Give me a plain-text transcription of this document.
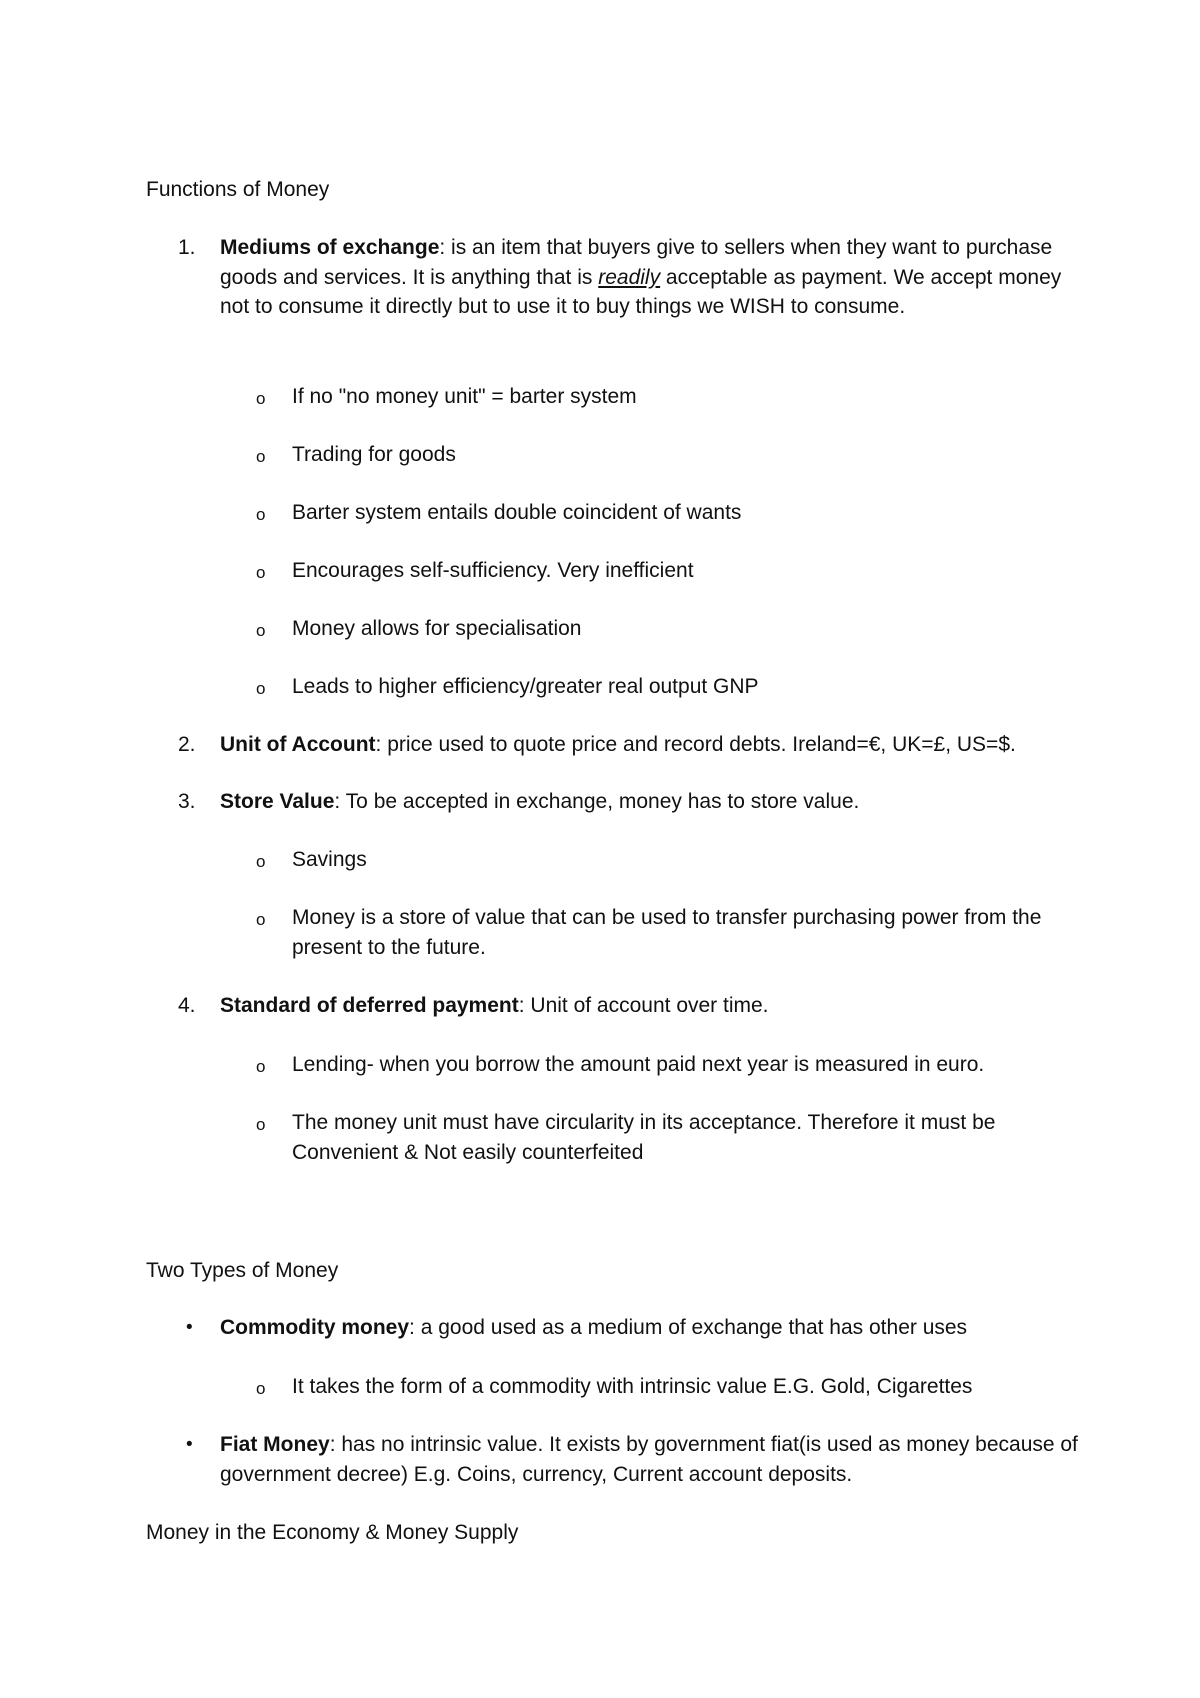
Functions of Money
1.	Mediums of exchange: is an item that buyers give to sellers when they want to purchase goods and services. It is anything that is readily acceptable as payment. We accept money not to consume it directly but to use it to buy things we WISH to consume.
o If no "no money unit" = barter system
o Trading for goods
o Barter system entails double coincident of wants
o Encourages self-sufficiency. Very inefficient
o Money allows for specialisation
o Leads to higher efficiency/greater real output GNP
2.	Unit of Account: price used to quote price and record debts. Ireland=€, UK=£, US=$.
3.	Store Value: To be accepted in exchange, money has to store value.
o Savings
o Money is a store of value that can be used to transfer purchasing power from the present to the future.
4.	Standard of deferred payment: Unit of account over time.
o Lending- when you borrow the amount paid next year is measured in euro.
o The money unit must have circularity in its acceptance. Therefore it must be Convenient & Not easily counterfeited
Two Types of Money
• Commodity money: a good used as a medium of exchange that has other uses
o It takes the form of a commodity with intrinsic value E.G. Gold, Cigarettes
• Fiat Money: has no intrinsic value. It exists by government fiat(is used as money because of government decree) E.g. Coins, currency, Current account deposits.
Money in the Economy & Money Supply
